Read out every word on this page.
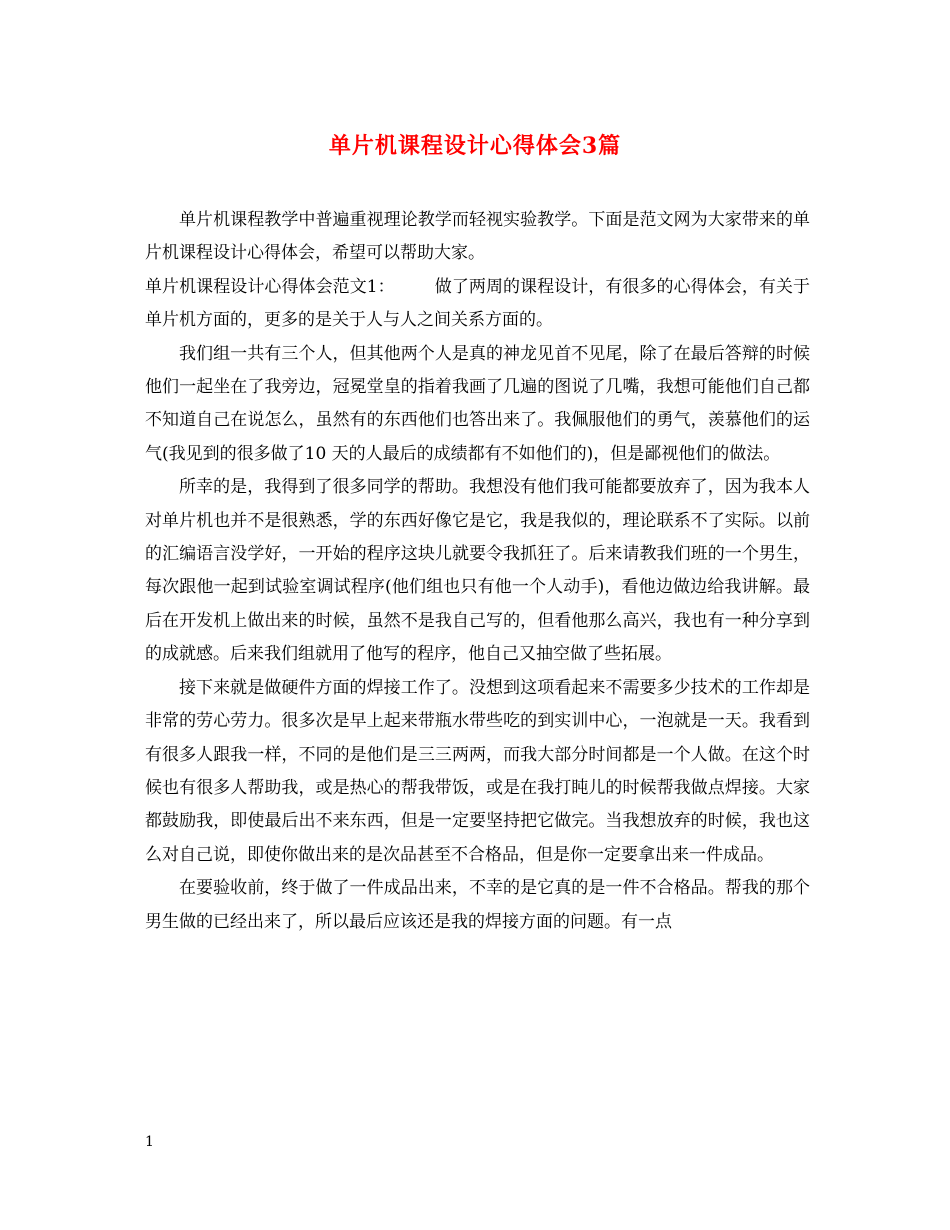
单片机课程设计心得体会3篇

单片机课程教学中普遍重视理论教学而轻视实验教学。下面是范文网为大家带来的单片机课程设计心得体会，希望可以帮助大家。

单片机课程设计心得体会范文1： 做了两周的课程设计，有很多的心得体会，有关于单片机方面的，更多的是关于人与人之间关系方面的。

我们组一共有三个人，但其他两个人是真的神龙见首不见尾，除了在最后答辩的时候他们一起坐在了我旁边，冠冕堂皇的指着我画了几遍的图说了几嘴，我想可能他们自己都不知道自己在说怎么，虽然有的东西他们也答出来了。我佩服他们的勇气，羡慕他们的运气(我见到的很多做了10 天的人最后的成绩都有不如他们的)，但是鄙视他们的做法。

所幸的是，我得到了很多同学的帮助。我想没有他们我可能都要放弃了，因为我本人对单片机也并不是很熟悉，学的东西好像它是它，我是我似的，理论联系不了实际。以前的汇编语言没学好，一开始的程序这块儿就要令我抓狂了。后来请教我们班的一个男生，每次跟他一起到试验室调试程序(他们组也只有他一个人动手)，看他边做边给我讲解。最后在开发机上做出来的时候，虽然不是我自己写的，但看他那么高兴，我也有一种分享到的成就感。后来我们组就用了他写的程序，他自己又抽空做了些拓展。

接下来就是做硬件方面的焊接工作了。没想到这项看起来不需要多少技术的工作却是非常的劳心劳力。很多次是早上起来带瓶水带些吃的到实训中心，一泡就是一天。我看到有很多人跟我一样，不同的是他们是三三两两，而我大部分时间都是一个人做。在这个时候也有很多人帮助我，或是热心的帮我带饭，或是在我打盹儿的时候帮我做点焊接。大家都鼓励我，即使最后出不来东西，但是一定要坚持把它做完。当我想放弃的时候，我也这么对自己说，即使你做出来的是次品甚至不合格品，但是你一定要拿出来一件成品。

在要验收前，终于做了一件成品出来，不幸的是它真的是一件不合格品。帮我的那个男生做的已经出来了，所以最后应该还是我的焊接方面的问题。有一点

1
